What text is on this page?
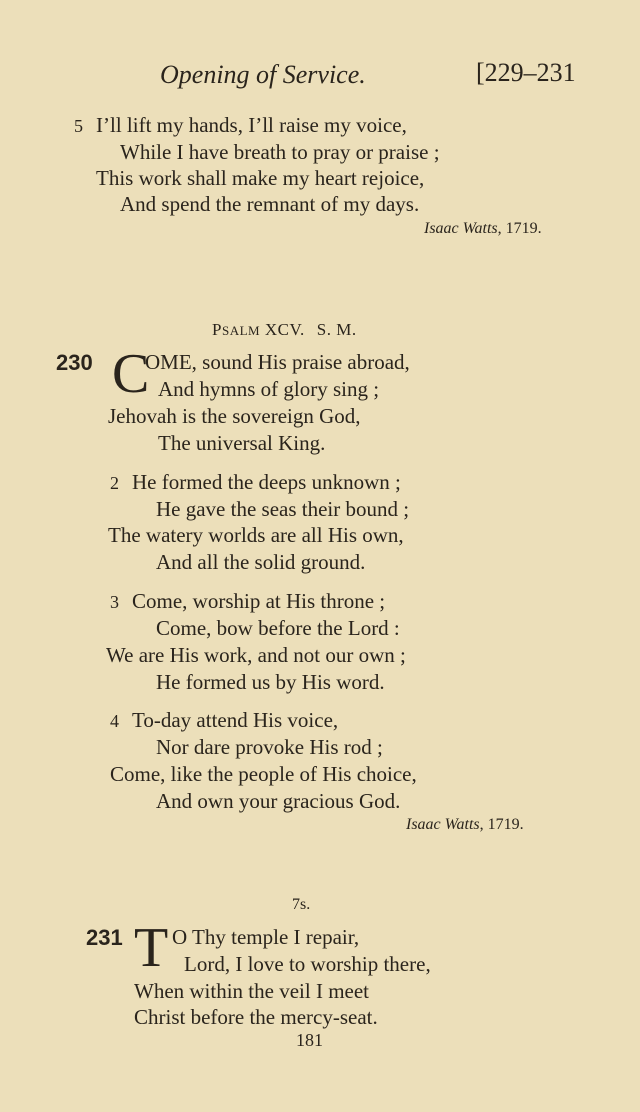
Opening of Service.	[229–231
5 I’ll lift my hands, I’ll raise my voice,
While I have breath to pray or praise ;
This work shall make my heart rejoice,
And spend the remnant of my days.
Isaac Watts, 1719.
PSALM XCV. S. M.
230 C
OME, sound His praise abroad,
And hymns of glory sing ;
Jehovah is the sovereign God,
The universal King.
2 He formed the deeps unknown ;
He gave the seas their bound ;
The watery worlds are all His own,
And all the solid ground.
3 Come, worship at His throne ;
Come, bow before the Lord :
We are His work, and not our own ;
He formed us by His word.
4 To-day attend His voice,
Nor dare provoke His rod ;
Come, like the people of His choice,
And own your gracious God.
Isaac Watts, 1719.
7s.
231 T O Thy temple I repair,
Lord, I love to worship there,
When within the veil I meet
Christ before the mercy-seat.
181
